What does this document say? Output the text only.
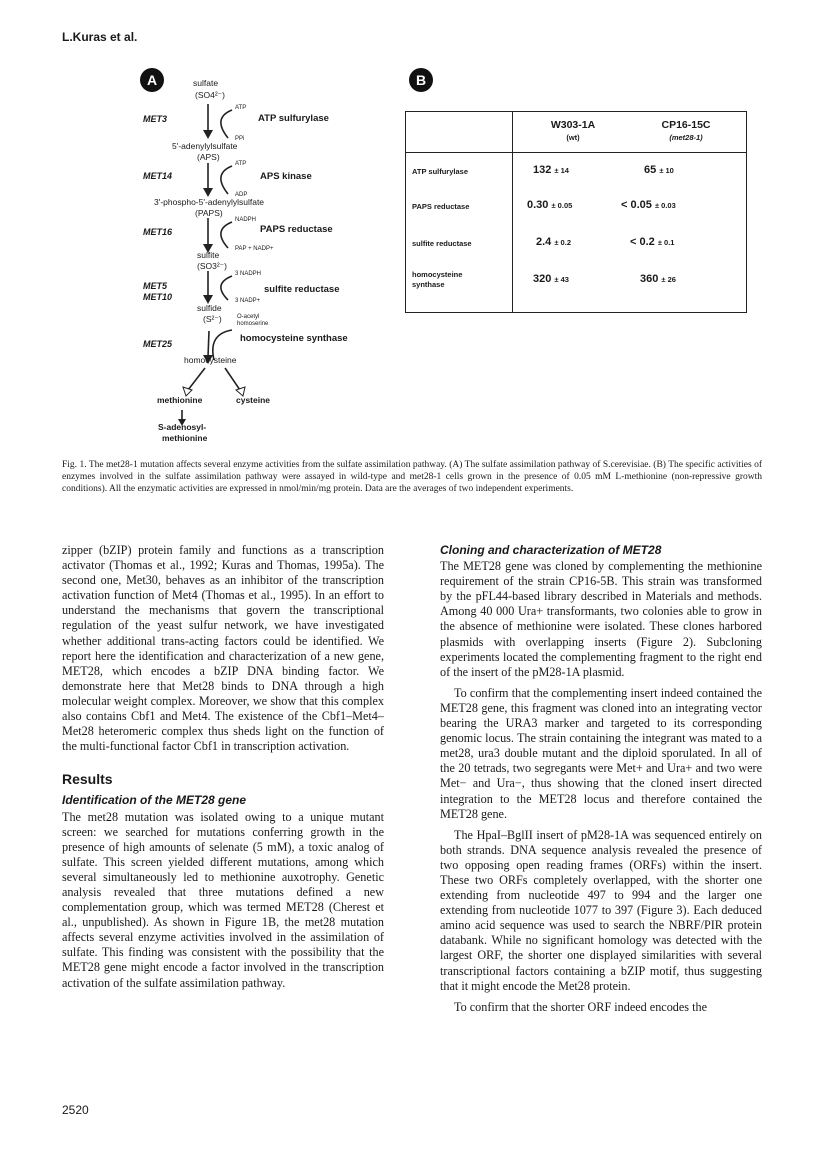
L.Kuras et al.
A	sulfate
(SO4²⁻)
ATP
PPi
MET3	ATP sulfurylase
5'-adenylylsulfate
(APS)
ATP
ADP
MET14	APS kinase
3'-phospho-5'-adenylylsulfate
(PAPS)
NADPH
PAP + NADP+
MET16	PAPS reductase
sulfite
(SO3²⁻)
3 NADPH
3 NADP+
MET5
MET10
sulfite reductase
sulfide
(S²⁻)	O-acetyl
homoserine
MET25	homocysteine synthase
homocysteine
methionine	cysteine
S-adenosyl-
methionine
B
W303-1A
(wt)
CP16-15C
(met28-1)
ATP sulfurylase	132 ± 14	65 ± 10
PAPS reductase	0.30 ± 0.05	< 0.05 ± 0.03
sulfite reductase	2.4 ± 0.2	< 0.2 ± 0.1
homocysteine
synthase	320 ± 43	360 ± 26
Fig. 1. The met28-1 mutation affects several enzyme activities from the sulfate assimilation pathway. (A) The sulfate assimilation pathway of S.cerevisiae. (B) The specific activities of enzymes involved in the sulfate assimilation pathway were assayed in wild-type and met28-1 cells grown in the presence of 0.05 mM L-methionine (non-repressive growth conditions). All the enzymatic activities are expressed in nmol/min/mg protein. Data are the averages of two independent experiments.

zipper (bZIP) protein family and functions as a transcription activator (Thomas et al., 1992; Kuras and Thomas, 1995a). The second one, Met30, behaves as an inhibitor of the transcription activation function of Met4 (Thomas et al., 1995). In an effort to understand the mechanisms that govern the transcriptional regulation of the yeast sulfur network, we have investigated whether additional trans-acting factors could be identified. We report here the identification and characterization of a new gene, MET28, which encodes a bZIP DNA binding factor. We demonstrate here that Met28 binds to DNA through a high molecular weight complex. Moreover, we show that this complex also contains Cbf1 and Met4. The existence of the Cbf1–Met4–Met28 heteromeric complex thus sheds light on the function of the multi-functional factor Cbf1 in transcription activation.

Results
Identification of the MET28 gene

The met28 mutation was isolated owing to a unique mutant screen: we searched for mutations conferring growth in the presence of high amounts of selenate (5 mM), a toxic analog of sulfate. This screen yielded different mutations, among which several simultaneously led to methionine auxotrophy. Genetic analysis revealed that three mutations defined a new complementation group, which was termed MET28 (Cherest et al., unpublished). As shown in Figure 1B, the met28 mutation affects several enzyme activities involved in the assimilation of sulfate. This finding was consistent with the possibility that the MET28 gene might encode a factor involved in the transcription activation of the sulfate assimilation pathway.

Cloning and characterization of MET28

The MET28 gene was cloned by complementing the methionine requirement of the strain CP16-5B. This strain was transformed by the pFL44-based library described in Materials and methods. Among 40 000 Ura+ transformants, two colonies able to grow in the absence of methionine were isolated. These clones harbored plasmids with overlapping inserts (Figure 2). Subcloning experiments located the complementing fragment to the right end of the insert of the pM28-1A plasmid.

To confirm that the complementing insert indeed contained the MET28 gene, this fragment was cloned into an integrating vector bearing the URA3 marker and targeted to its corresponding genomic locus. The strain containing the integrant was mated to a met28, ura3 double mutant and the diploid sporulated. In all of the 20 tetrads, two segregants were Met+ and Ura+ and two were Met− and Ura−, thus showing that the cloned insert directed integration to the MET28 locus and therefore contained the MET28 gene.

The HpaI–BglII insert of pM28-1A was sequenced entirely on both strands. DNA sequence analysis revealed the presence of two opposing open reading frames (ORFs) within the insert. These two ORFs completely overlapped, with the shorter one extending from nucleotide 497 to 994 and the larger one extending from nucleotide 1077 to 397 (Figure 3). Each deduced amino acid sequence was used to search the NBRF/PIR protein databank. While no significant homology was detected with the largest ORF, the shorter one displayed similarities with several transcriptional factors containing a bZIP motif, thus suggesting that it might encode the Met28 protein.

To confirm that the shorter ORF indeed encodes the

2520
